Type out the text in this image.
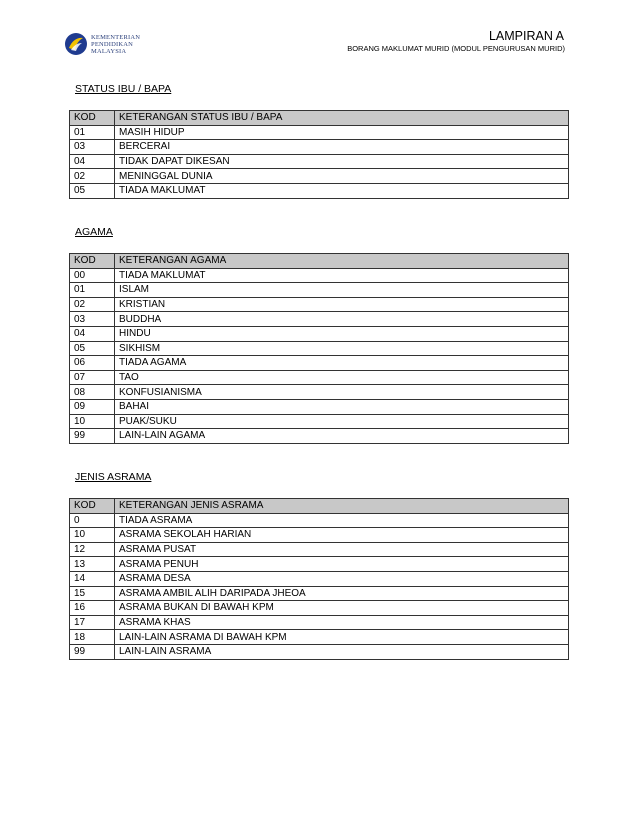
KEMENTERIAN
PENDIDIKAN
MALAYSIA
LAMPIRAN A
BORANG MAKLUMAT MURID (MODUL PENGURUSAN MURID)
STATUS IBU / BAPA
KOD	KETERANGAN STATUS IBU / BAPA
01	MASIH HIDUP
03	BERCERAI
04	TIDAK DAPAT DIKESAN
02	MENINGGAL DUNIA
05	TIADA MAKLUMAT
AGAMA
KOD	KETERANGAN AGAMA
00	TIADA MAKLUMAT
01	ISLAM
02	KRISTIAN
03	BUDDHA
04	HINDU
05	SIKHISM
06	TIADA AGAMA
07	TAO
08	KONFUSIANISMA
09	BAHAI
10	PUAK/SUKU
99	LAIN-LAIN AGAMA
JENIS ASRAMA
KOD	KETERANGAN JENIS ASRAMA
0	TIADA ASRAMA
10	ASRAMA SEKOLAH HARIAN
12	ASRAMA PUSAT
13	ASRAMA PENUH
14	ASRAMA DESA
15	ASRAMA AMBIL ALIH DARIPADA JHEOA
16	ASRAMA BUKAN DI BAWAH KPM
17	ASRAMA KHAS
18	LAIN-LAIN ASRAMA DI BAWAH KPM
99	LAIN-LAIN ASRAMA
